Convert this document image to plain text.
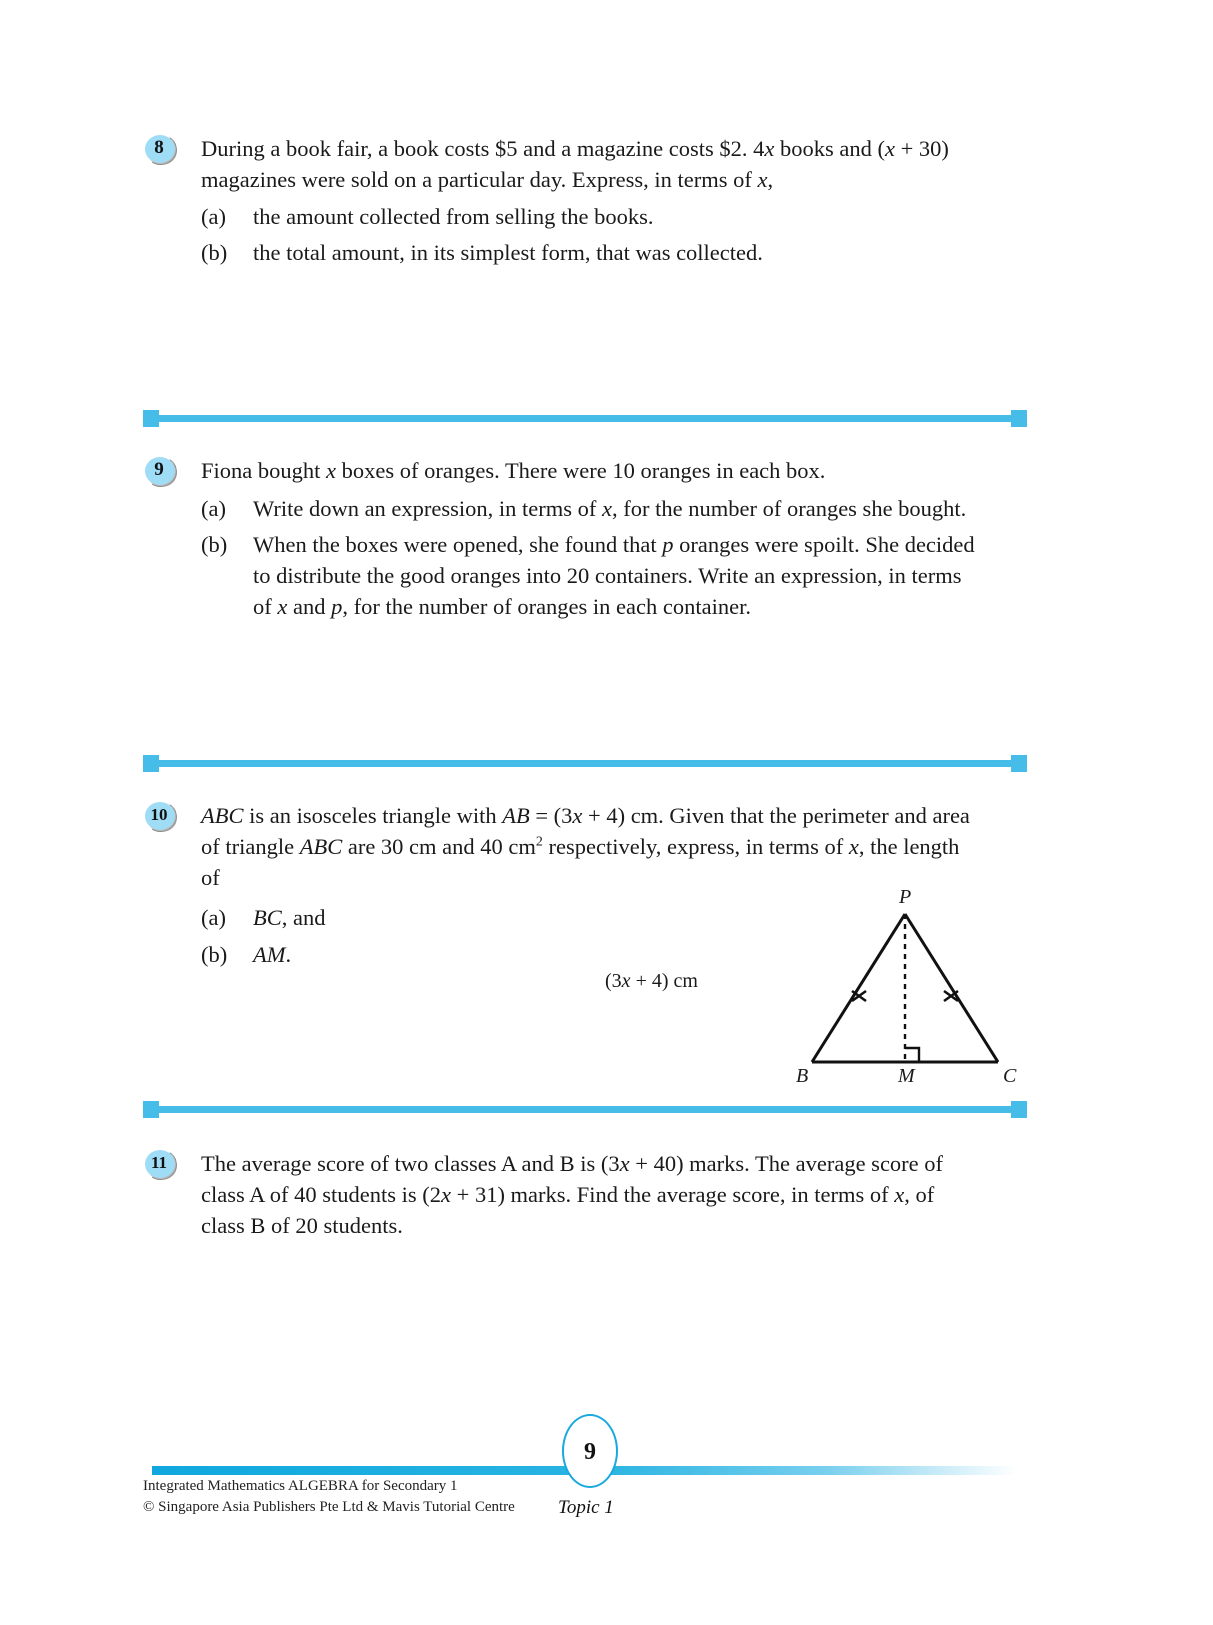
8	During a book fair, a book costs $5 and a magazine costs $2. 4x books and (x + 30)

magazines were sold on a particular day. Express, in terms of x,

(a)	the amount collected from selling the books.
(b)	the total amount, in its simplest form, that was collected.
9	Fiona bought x boxes of oranges. There were 10 oranges in each box.

(a)	Write down an expression, in terms of x, for the number of oranges she bought.
(b)	When the boxes were opened, she found that p oranges were spoilt. She decided
to distribute the good oranges into 20 containers. Write an expression, in terms
of x and p, for the number of oranges in each container.
10	ABC is an isosceles triangle with AB = (3x + 4) cm. Given that the perimeter and area

of triangle ABC are 30 cm and 40 $cm^2$ respectively, express, in terms of x, the length

of

(a)	BC, and
(b)	AM.
P
B	M	C
(3x + 4) cm
11	The average score of two classes A and B is (3x + 40) marks. The average score of

class A of 40 students is (2x + 31) marks. Find the average score, in terms of x, of

class B of 20 students.

9
Integrated Mathematics ALGEBRA for Secondary 1
© Singapore Asia Publishers Pte Ltd & Mavis Tutorial Centre Topic 1
